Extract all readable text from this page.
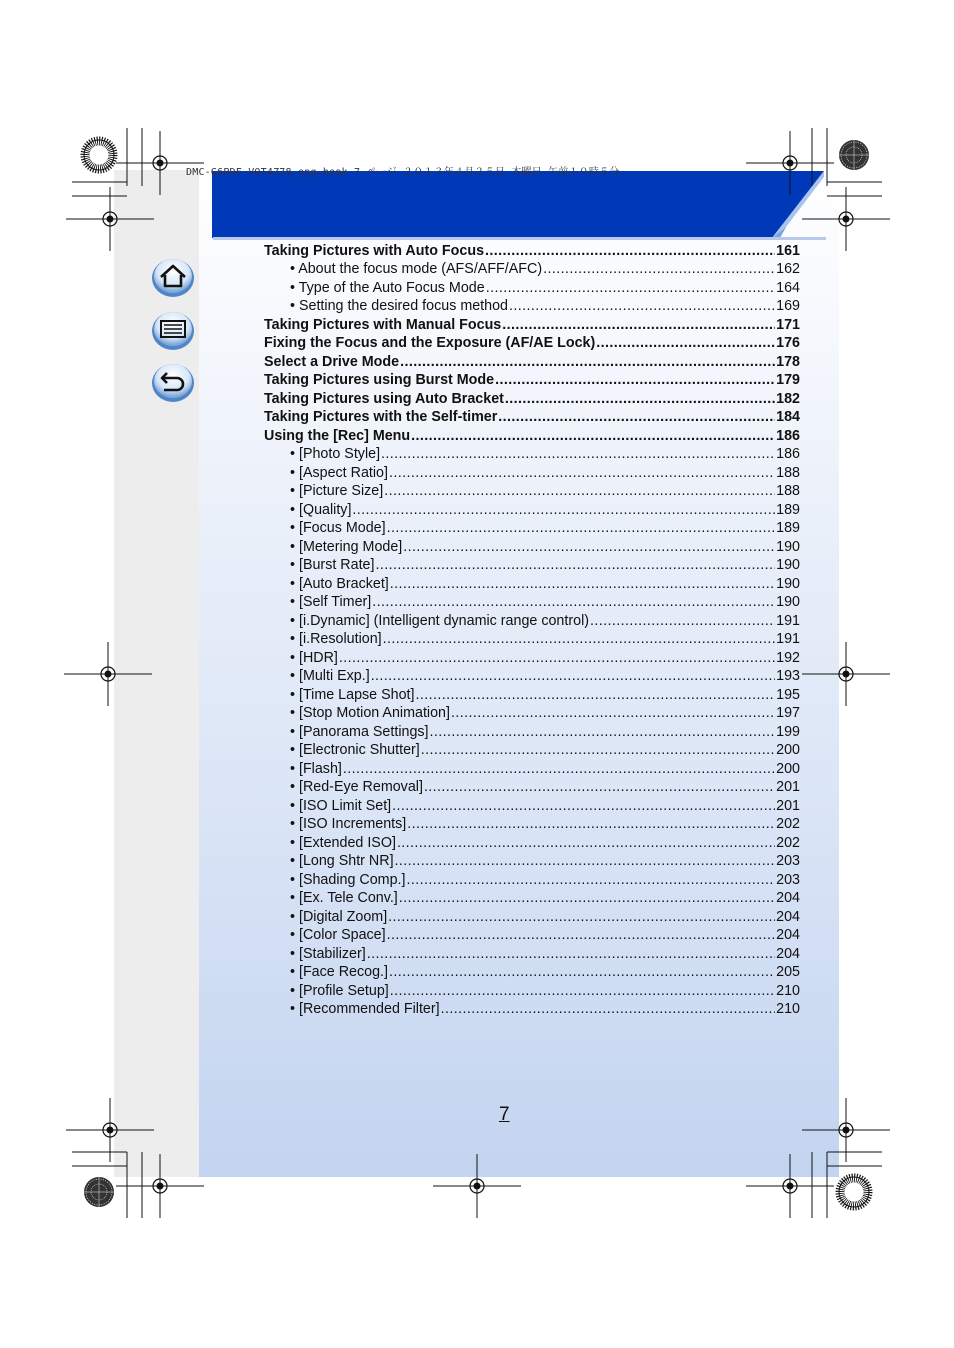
DMC-G6PDF-VQT4Z78_eng.book 7 ページ ２０１３年４月２５日 木曜日 午前１０時５分
Taking Pictures with Auto Focus .....	161
• About the focus mode (AFS/AFF/AFC) .....	162
• Type of the Auto Focus Mode .....	164
• Setting the desired focus method .....	169
Taking Pictures with Manual Focus .....	171
Fixing the Focus and the Exposure (AF/AE Lock) .....	176
Select a Drive Mode .....	178
Taking Pictures using Burst Mode .....	179
Taking Pictures using Auto Bracket .....	182
Taking Pictures with the Self-timer .....	184
Using the [Rec] Menu .....	186
• [Photo Style] .....	186
• [Aspect Ratio] .....	188
• [Picture Size] .....	188
• [Quality] .....	189
• [Focus Mode] .....	189
• [Metering Mode] .....	190
• [Burst Rate] .....	190
• [Auto Bracket] .....	190
• [Self Timer] .....	190
• [i.Dynamic] (Intelligent dynamic range control) .....	191
• [i.Resolution] .....	191
• [HDR] .....	192
• [Multi Exp.] .....	193
• [Time Lapse Shot] .....	195
• [Stop Motion Animation] .....	197
• [Panorama Settings] .....	199
• [Electronic Shutter] .....	200
• [Flash] .....	200
• [Red-Eye Removal] .....	201
• [ISO Limit Set] .....	201
• [ISO Increments] .....	202
• [Extended ISO] .....	202
• [Long Shtr NR] .....	203
• [Shading Comp.] .....	203
• [Ex. Tele Conv.] .....	204
• [Digital Zoom] .....	204
• [Color Space] .....	204
• [Stabilizer] .....	204
• [Face Recog.] .....	205
• [Profile Setup] .....	210
• [Recommended Filter] .....	210
7
